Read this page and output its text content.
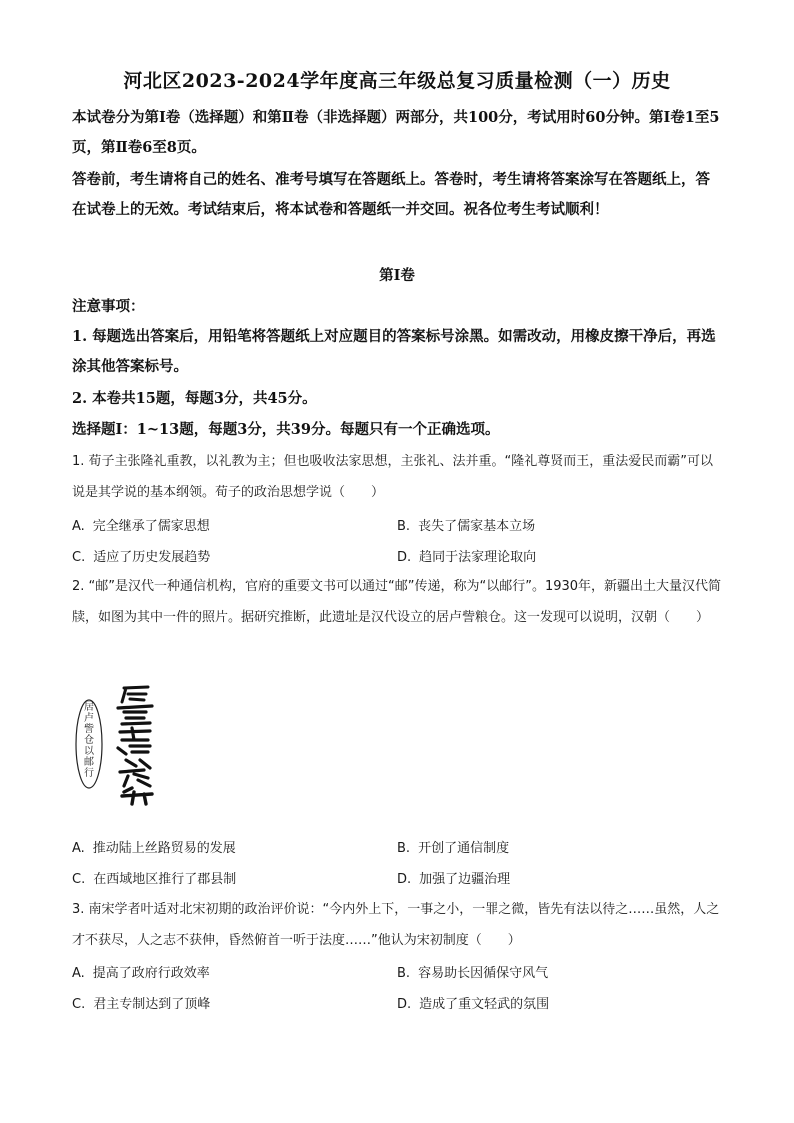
河北区2023-2024学年度高三年级总复习质量检测（一）历史
本试卷分为第Ⅰ卷（选择题）和第Ⅱ卷（非选择题）两部分，共100分，考试用时60分钟。第Ⅰ卷1至5页，第Ⅱ卷6至8页。
答卷前，考生请将自己的姓名、准考号填写在答题纸上。答卷时，考生请将答案涂写在答题纸上，答在试卷上的无效。考试结束后，将本试卷和答题纸一并交回。祝各位考生考试顺利！
第Ⅰ卷
注意事项：
1. 每题选出答案后，用铅笔将答题纸上对应题目的答案标号涂黑。如需改动，用橡皮擦干净后，再选涂其他答案标号。
2. 本卷共15题，每题3分，共45分。
选择题Ⅰ：1~13题，每题3分，共39分。每题只有一个正确选项。
1. 荀子主张隆礼重教，以礼教为主；但也吸收法家思想，主张礼、法并重。“隆礼尊贤而王，重法爱民而霸”可以说是其学说的基本纲领。荀子的政治思想学说（　　）
A. 完全继承了儒家思想	B. 丧失了儒家基本立场
C. 适应了历史发展趋势	D. 趋同于法家理论取向
2. “邮”是汉代一种通信机构，官府的重要文书可以通过“邮”传递，称为“以邮行”。1930年，新疆出土大量汉代简牍，如图为其中一件的照片。据研究推断，此遗址是汉代设立的居卢訾粮仓。这一发现可以说明，汉朝（　　）
居卢訾仓以邮行
A. 推动陆上丝路贸易的发展	B. 开创了通信制度
C. 在西域地区推行了郡县制	D. 加强了边疆治理
3. 南宋学者叶适对北宋初期的政治评价说：“今内外上下，一事之小，一罪之微，皆先有法以待之……虽然，人之才不获尽，人之志不获伸，昏然俯首一听于法度……”他认为宋初制度（　　）
A. 提高了政府行政效率	B. 容易助长因循保守风气
C. 君主专制达到了顶峰	D. 造成了重文轻武的氛围
